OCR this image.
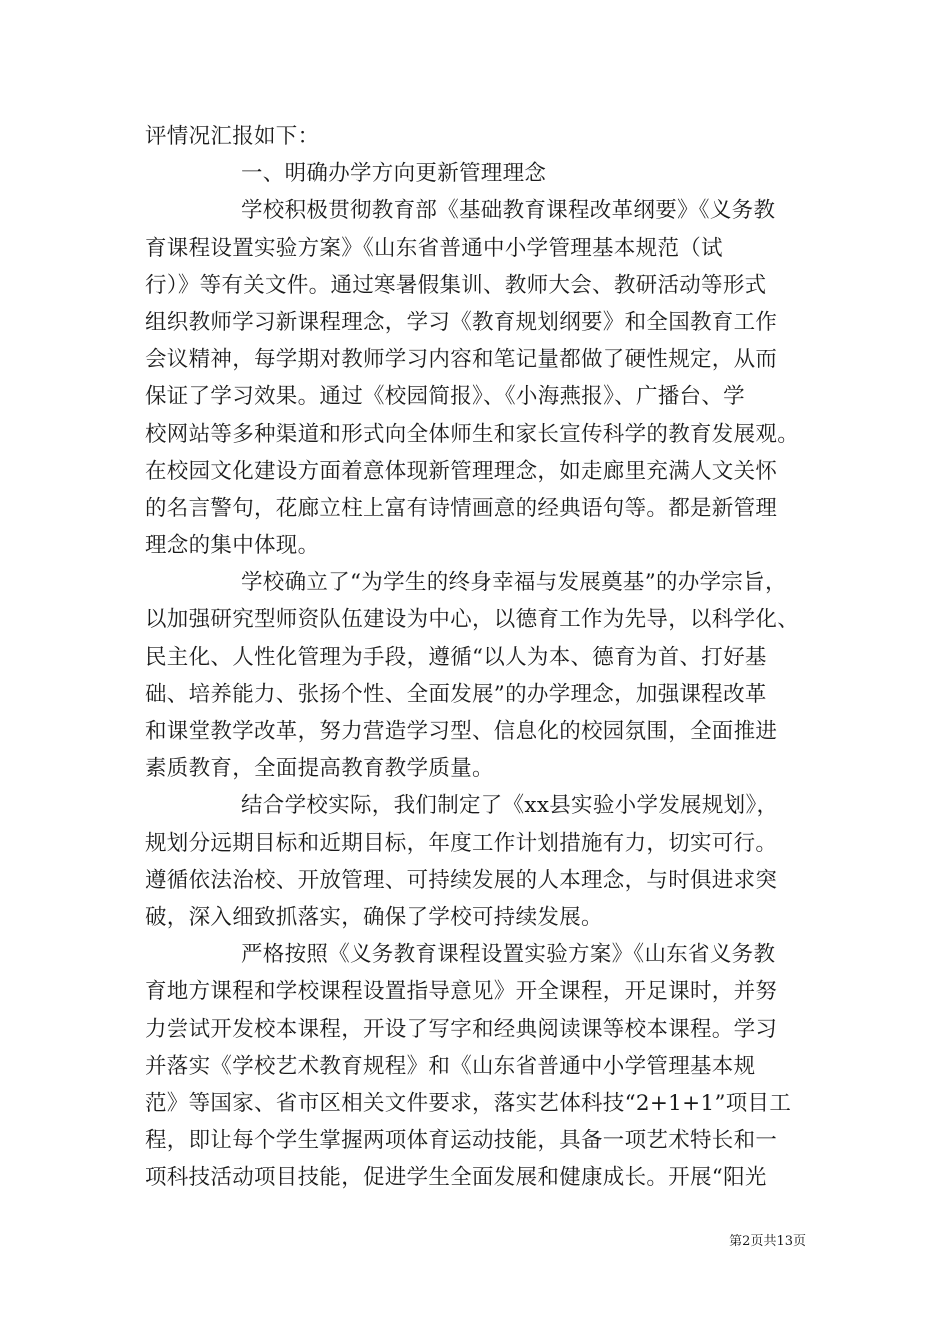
评情况汇报如下：
一、明确办学方向更新管理理念
学校积极贯彻教育部《基础教育课程改革纲要》《义务教
育课程设置实验方案》《山东省普通中小学管理基本规范（试
行）》等有关文件。通过寒暑假集训、教师大会、教研活动等形式
组织教师学习新课程理念，学习《教育规划纲要》和全国教育工作
会议精神，每学期对教师学习内容和笔记量都做了硬性规定，从而
保证了学习效果。通过《校园简报》、《小海燕报》、广播台、学
校网站等多种渠道和形式向全体师生和家长宣传科学的教育发展观。
在校园文化建设方面着意体现新管理理念，如走廊里充满人文关怀
的名言警句，花廊立柱上富有诗情画意的经典语句等。都是新管理
理念的集中体现。
学校确立了“为学生的终身幸福与发展奠基”的办学宗旨，
以加强研究型师资队伍建设为中心，以德育工作为先导，以科学化、
民主化、人性化管理为手段，遵循“以人为本、德育为首、打好基
础、培养能力、张扬个性、全面发展”的办学理念，加强课程改革
和课堂教学改革，努力营造学习型、信息化的校园氛围，全面推进
素质教育，全面提高教育教学质量。
结合学校实际，我们制定了《xx县实验小学发展规划》，
规划分远期目标和近期目标，年度工作计划措施有力，切实可行。
遵循依法治校、开放管理、可持续发展的人本理念，与时俱进求突
破，深入细致抓落实，确保了学校可持续发展。
严格按照《义务教育课程设置实验方案》《山东省义务教
育地方课程和学校课程设置指导意见》开全课程，开足课时，并努
力尝试开发校本课程，开设了写字和经典阅读课等校本课程。学习
并落实《学校艺术教育规程》和《山东省普通中小学管理基本规
范》等国家、省市区相关文件要求，落实艺体科技“2+1+1”项目工
程，即让每个学生掌握两项体育运动技能，具备一项艺术特长和一
项科技活动项目技能，促进学生全面发展和健康成长。开展“阳光
第2页共13页
